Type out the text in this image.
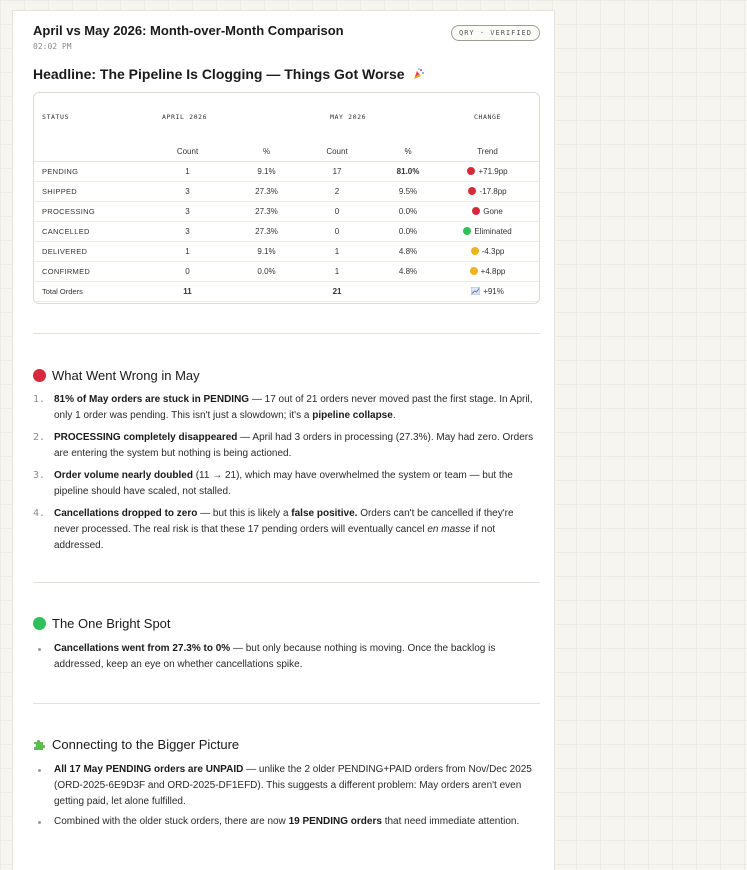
April vs May 2026: Month-over-Month Comparison
02:02 PM
QRY · VERIFIED
Headline: The Pipeline Is Clogging — Things Got Worse
STATUS	APRIL 2026		MAY 2026		CHANGE
	Count	%	Count	%	Trend
PENDING	1	9.1%	17	81.0%	+71.9pp
SHIPPED	3	27.3%	2	9.5%	-17.8pp
PROCESSING	3	27.3%	0	0.0%	Gone
CANCELLED	3	27.3%	0	0.0%	Eliminated
DELIVERED	1	9.1%	1	4.8%	-4.3pp
CONFIRMED	0	0.0%	1	4.8%	+4.8pp
Total Orders	11		21		+91%
What Went Wrong in May
1. 81% of May orders are stuck in PENDING — 17 out of 21 orders never moved past the first stage. In April, only 1 order was pending. This isn't just a slowdown; it's a pipeline collapse.
2. PROCESSING completely disappeared — April had 3 orders in processing (27.3%). May had zero. Orders are entering the system but nothing is being actioned.
3. Order volume nearly doubled (11 → 21), which may have overwhelmed the system or team — but the pipeline should have scaled, not stalled.
4. Cancellations dropped to zero — but this is likely a false positive. Orders can't be cancelled if they're never processed. The real risk is that these 17 pending orders will eventually cancel en masse if not addressed.
The One Bright Spot
Cancellations went from 27.3% to 0% — but only because nothing is moving. Once the backlog is addressed, keep an eye on whether cancellations spike.
Connecting to the Bigger Picture
All 17 May PENDING orders are UNPAID — unlike the 2 older PENDING+PAID orders from Nov/Dec 2025 (ORD-2025-6E9D3F and ORD-2025-DF1EFD). This suggests a different problem: May orders aren't even getting paid, let alone fulfilled.
Combined with the older stuck orders, there are now 19 PENDING orders that need immediate attention.
